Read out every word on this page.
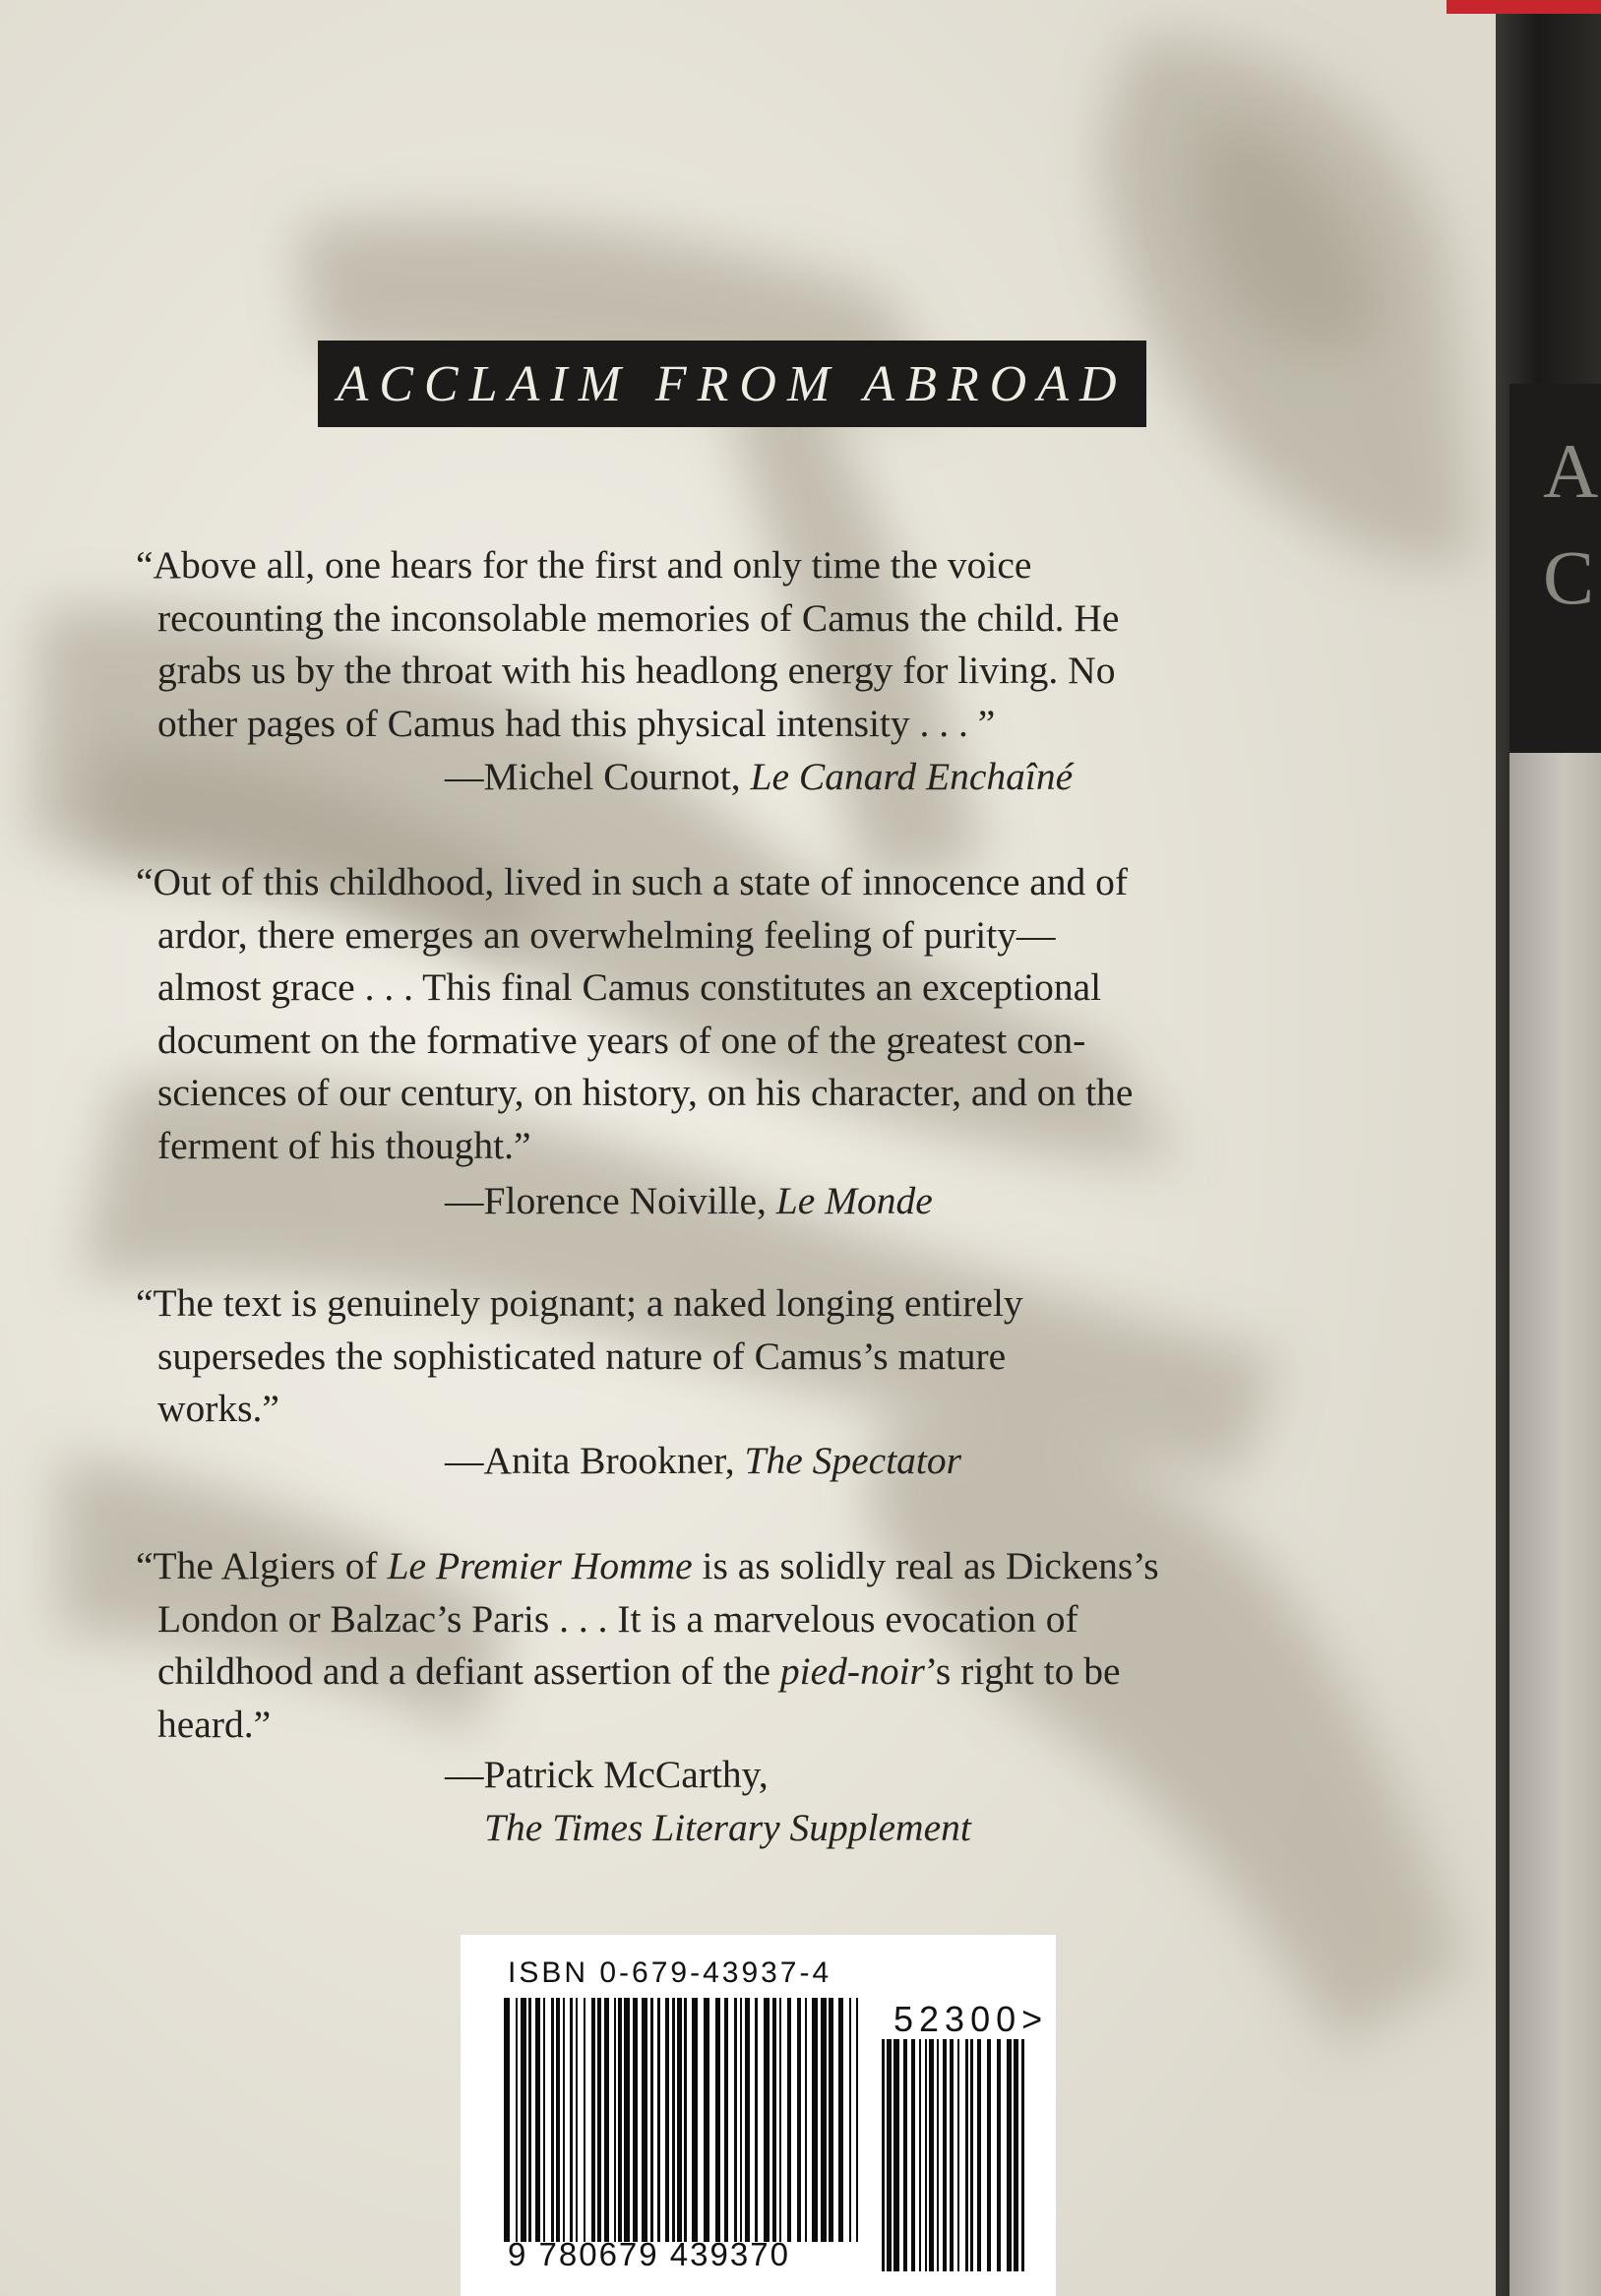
ACCLAIM FROM ABROAD
“Above all, one hears for the first and only time the voice
recounting the inconsolable memories of Camus the child. He
grabs us by the throat with his headlong energy for living. No
other pages of Camus had this physical intensity . . . ”
—Michel Cournot, Le Canard Enchaîné
“Out of this childhood, lived in such a state of innocence and of
ardor, there emerges an overwhelming feeling of purity—
almost grace . . . This final Camus constitutes an exceptional
document on the formative years of one of the greatest con-
sciences of our century, on history, on his character, and on the
ferment of his thought.”
—Florence Noiville, Le Monde
“The text is genuinely poignant; a naked longing entirely
supersedes the sophisticated nature of Camus’s mature
works.”
—Anita Brookner, The Spectator
“The Algiers of Le Premier Homme is as solidly real as Dickens’s
London or Balzac’s Paris . . . It is a marvelous evocation of
childhood and a defiant assertion of the pied-noir’s right to be
heard.”
—Patrick McCarthy,
The Times Literary Supplement
ISBN 0-679-43937-4
52300>
9 780679 439370
A
C
